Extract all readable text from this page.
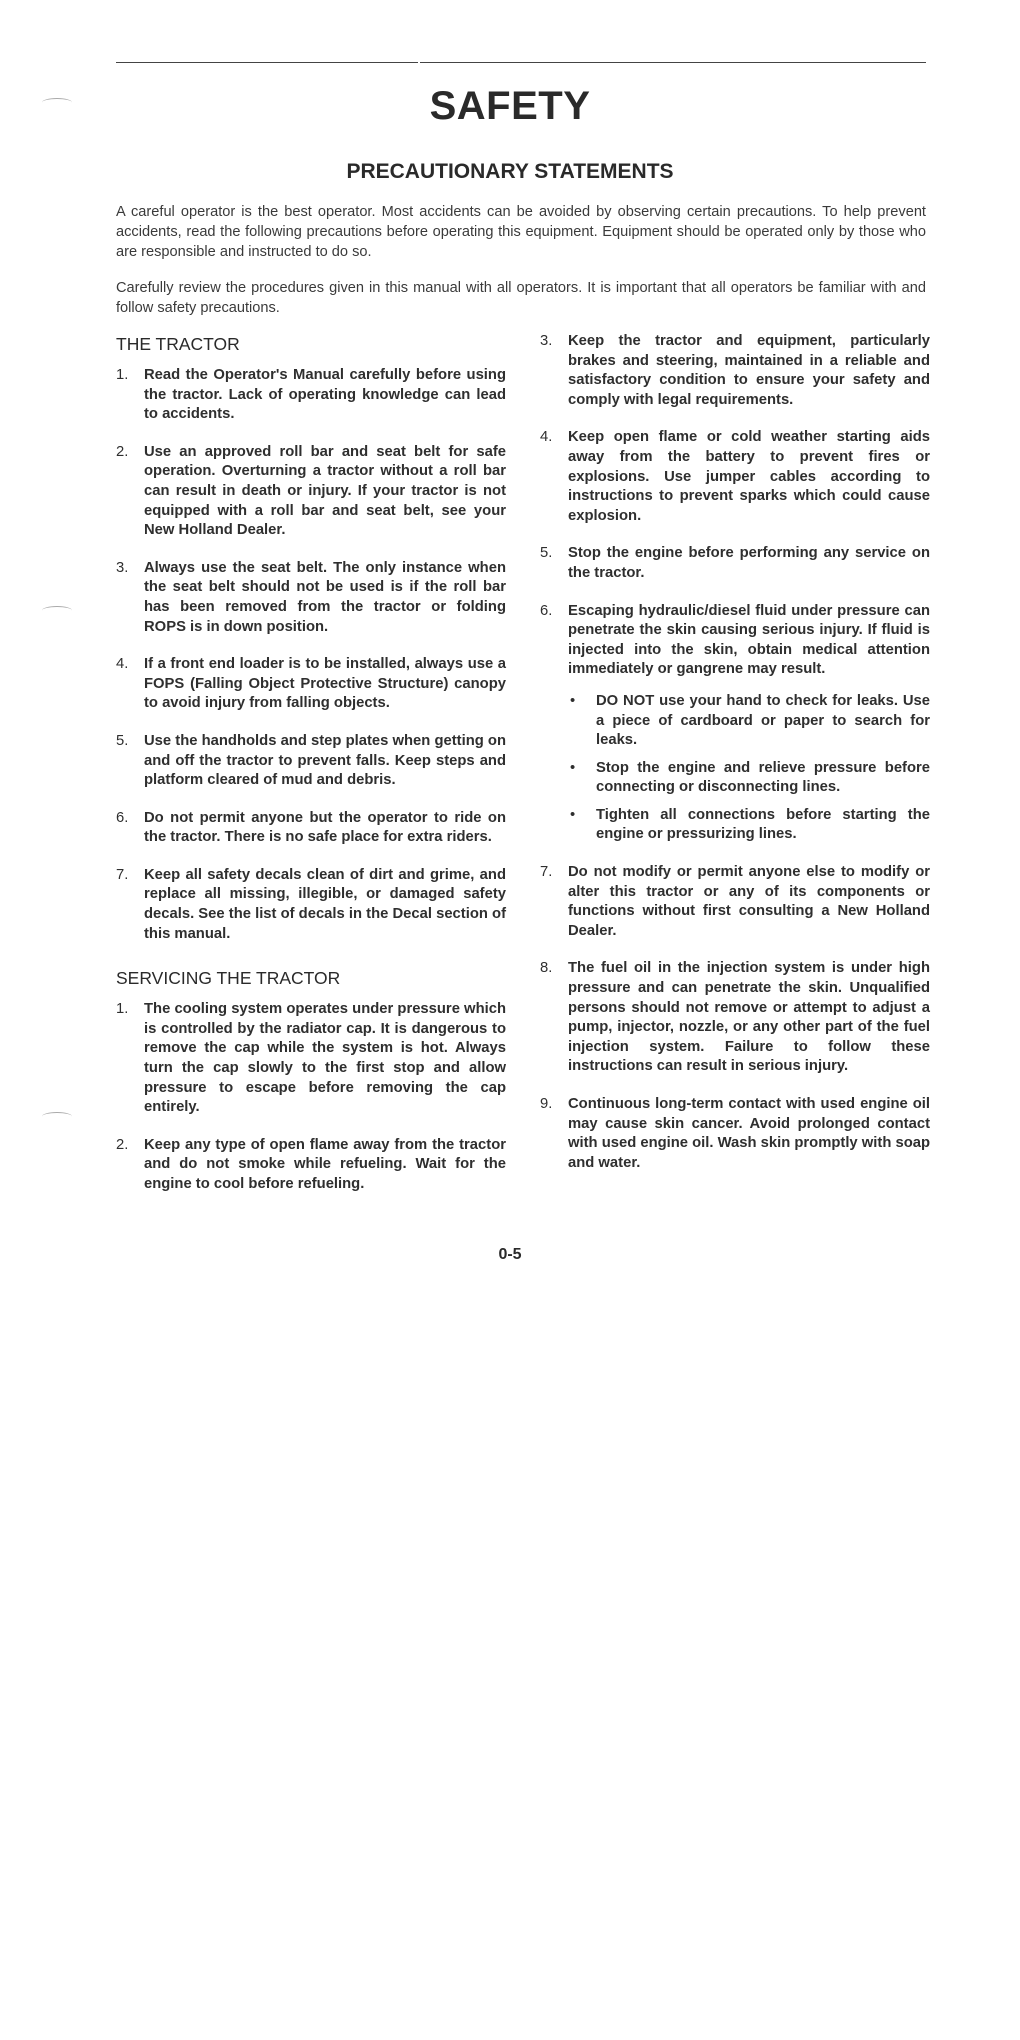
SAFETY
PRECAUTIONARY STATEMENTS

A careful operator is the best operator. Most accidents can be avoided by observing certain precautions. To help prevent accidents, read the following precautions before operating this equipment. Equipment should be operated only by those who are responsible and instructed to do so.

Carefully review the procedures given in this manual with all operators. It is important that all operators be familiar with and follow safety precautions.

THE TRACTOR
1. Read the Operator's Manual carefully before using the tractor. Lack of operating knowledge can lead to accidents.
2. Use an approved roll bar and seat belt for safe operation. Overturning a tractor without a roll bar can result in death or injury. If your tractor is not equipped with a roll bar and seat belt, see your New Holland Dealer.
3. Always use the seat belt. The only instance when the seat belt should not be used is if the roll bar has been removed from the tractor or folding ROPS is in down position.
4. If a front end loader is to be installed, always use a FOPS (Falling Object Protective Structure) canopy to avoid injury from falling objects.
5. Use the handholds and step plates when getting on and off the tractor to prevent falls. Keep steps and platform cleared of mud and debris.
6. Do not permit anyone but the operator to ride on the tractor. There is no safe place for extra riders.
7. Keep all safety decals clean of dirt and grime, and replace all missing, illegible, or damaged safety decals. See the list of decals in the Decal section of this manual.
SERVICING THE TRACTOR
1. The cooling system operates under pressure which is controlled by the radiator cap. It is dangerous to remove the cap while the system is hot. Always turn the cap slowly to the first stop and allow pressure to escape before removing the cap entirely.
2. Keep any type of open flame away from the tractor and do not smoke while refueling. Wait for the engine to cool before refueling.
3. Keep the tractor and equipment, particularly brakes and steering, maintained in a reliable and satisfactory condition to ensure your safety and comply with legal requirements.
4. Keep open flame or cold weather starting aids away from the battery to prevent fires or explosions. Use jumper cables according to instructions to prevent sparks which could cause explosion.
5. Stop the engine before performing any service on the tractor.
6. Escaping hydraulic/diesel fluid under pressure can penetrate the skin causing serious injury. If fluid is injected into the skin, obtain medical attention immediately or gangrene may result.
• DO NOT use your hand to check for leaks. Use a piece of cardboard or paper to search for leaks.
• Stop the engine and relieve pressure before connecting or disconnecting lines.
• Tighten all connections before starting the engine or pressurizing lines.
7. Do not modify or permit anyone else to modify or alter this tractor or any of its components or functions without first consulting a New Holland Dealer.
8. The fuel oil in the injection system is under high pressure and can penetrate the skin. Unqualified persons should not remove or attempt to adjust a pump, injector, nozzle, or any other part of the fuel injection system. Failure to follow these instructions can result in serious injury.
9. Continuous long-term contact with used engine oil may cause skin cancer. Avoid prolonged contact with used engine oil. Wash skin promptly with soap and water.
0-5
